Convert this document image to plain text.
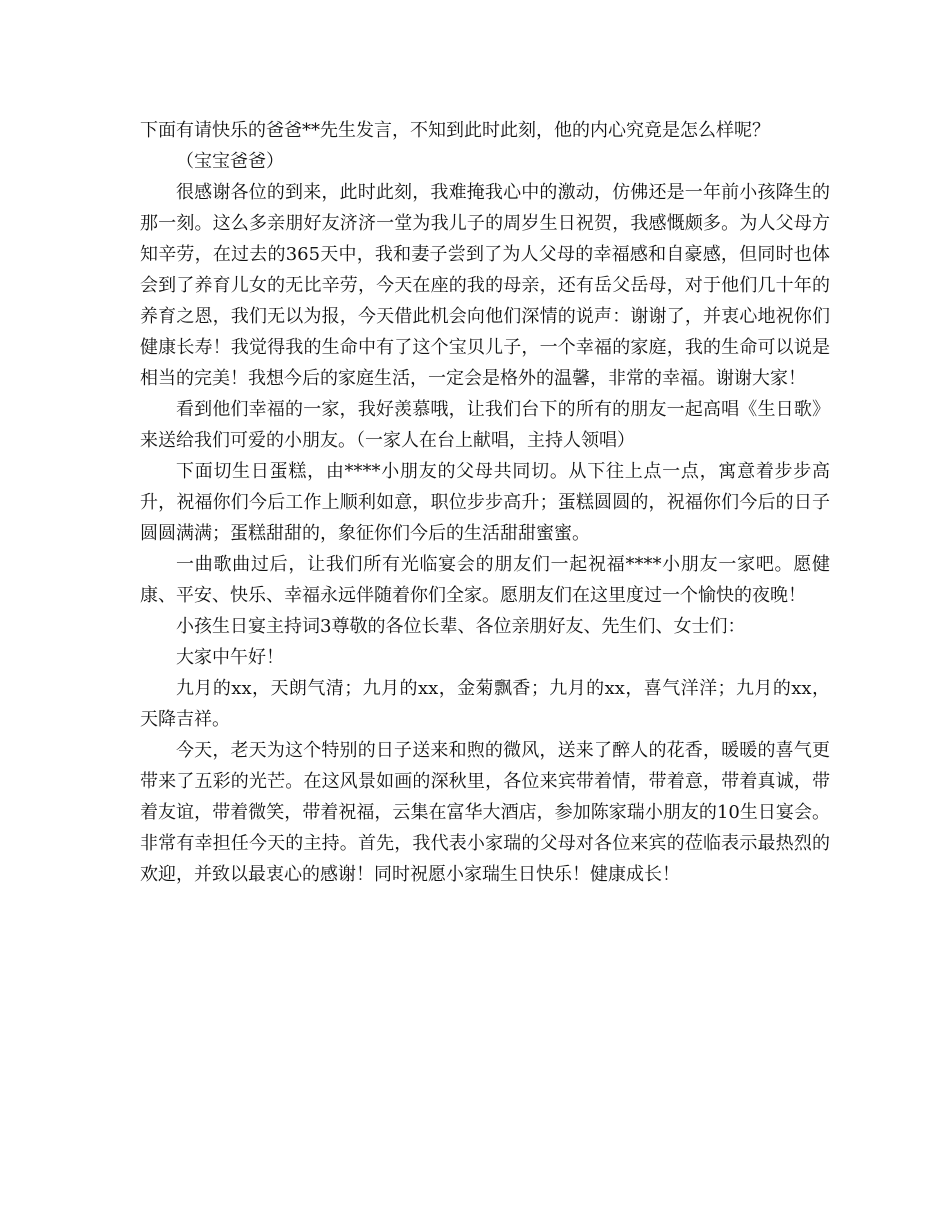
下面有请快乐的爸爸**先生发言，不知到此时此刻，他的内心究竟是怎么样呢？

（宝宝爸爸）

很感谢各位的到来，此时此刻，我难掩我心中的激动，仿佛还是一年前小孩降生的那一刻。这么多亲朋好友济济一堂为我儿子的周岁生日祝贺，我感慨颇多。为人父母方知辛劳，在过去的365天中，我和妻子尝到了为人父母的幸福感和自豪感，但同时也体会到了养育儿女的无比辛劳，今天在座的我的母亲，还有岳父岳母，对于他们几十年的养育之恩，我们无以为报，今天借此机会向他们深情的说声：谢谢了，并衷心地祝你们健康长寿！我觉得我的生命中有了这个宝贝儿子，一个幸福的家庭，我的生命可以说是相当的完美！我想今后的家庭生活，一定会是格外的温馨，非常的幸福。谢谢大家！

看到他们幸福的一家，我好羡慕哦，让我们台下的所有的朋友一起高唱《生日歌》来送给我们可爱的小朋友。（一家人在台上献唱，主持人领唱）

下面切生日蛋糕，由****小朋友的父母共同切。从下往上点一点，寓意着步步高升，祝福你们今后工作上顺利如意，职位步步高升；蛋糕圆圆的，祝福你们今后的日子圆圆满满；蛋糕甜甜的，象征你们今后的生活甜甜蜜蜜。

一曲歌曲过后，让我们所有光临宴会的朋友们一起祝福****小朋友一家吧。愿健康、平安、快乐、幸福永远伴随着你们全家。愿朋友们在这里度过一个愉快的夜晚！

小孩生日宴主持词3尊敬的各位长辈、各位亲朋好友、先生们、女士们：

大家中午好！

九月的xx，天朗气清；九月的xx，金菊飘香；九月的xx，喜气洋洋；九月的xx，天降吉祥。

今天，老天为这个特别的日子送来和煦的微风，送来了醉人的花香，暖暖的喜气更带来了五彩的光芒。在这风景如画的深秋里，各位来宾带着情，带着意，带着真诚，带着友谊，带着微笑，带着祝福，云集在富华大酒店，参加陈家瑞小朋友的10生日宴会。非常有幸担任今天的主持。首先，我代表小家瑞的父母对各位来宾的莅临表示最热烈的欢迎，并致以最衷心的感谢！同时祝愿小家瑞生日快乐！健康成长！
